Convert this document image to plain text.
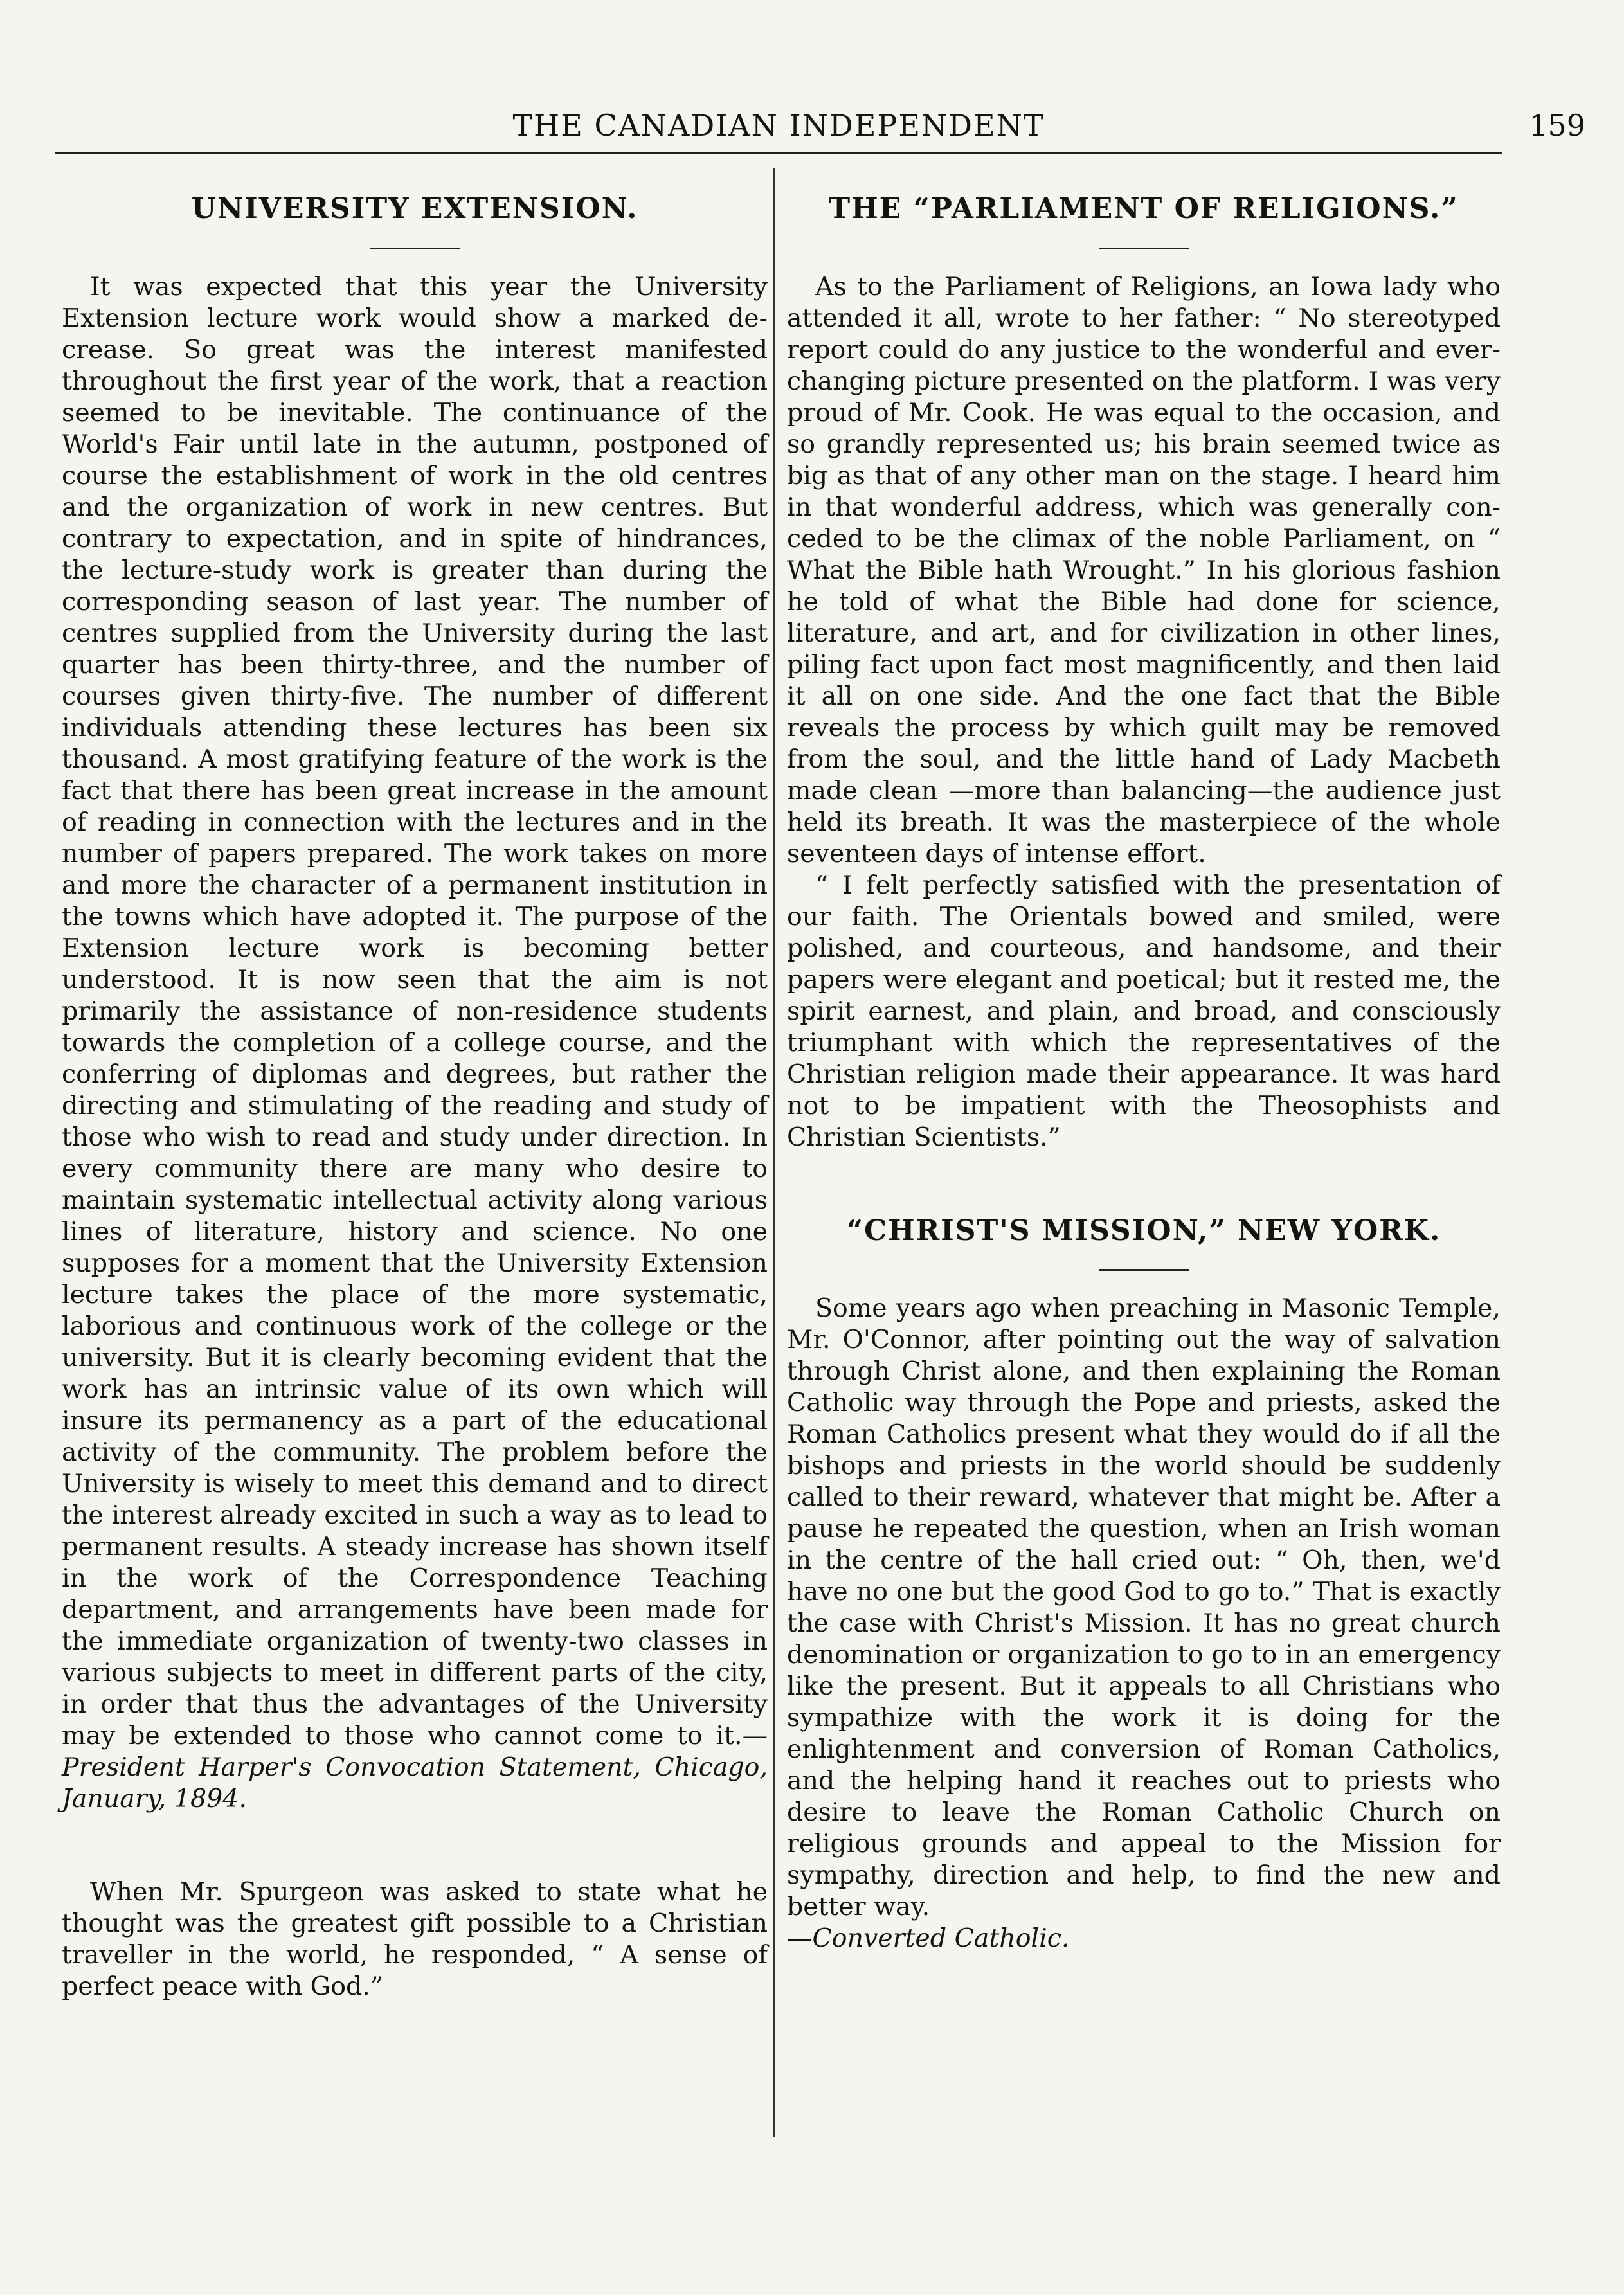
THE CANADIAN INDEPENDENT	159
UNIVERSITY EXTENSION.

It was expected that this year the University Extension lecture work would show a marked decrease. So great was the interest manifested throughout the first year of the work, that a reaction seemed to be inevitable. The continuance of the World's Fair until late in the autumn, postponed of course the establishment of work in the old centres and the organization of work in new centres. But contrary to expectation, and in spite of hindrances, the lecture-study work is greater than during the corresponding season of last year. The number of centres supplied from the University during the last quarter has been thirty-three, and the number of courses given thirty-five. The number of different individuals attending these lectures has been six thousand. A most gratifying feature of the work is the fact that there has been great increase in the amount of reading in connection with the lectures and in the number of papers prepared. The work takes on more and more the character of a permanent institution in the towns which have adopted it. The purpose of the Extension lecture work is becoming better understood. It is now seen that the aim is not primarily the assistance of non-residence students towards the completion of a college course, and the conferring of diplomas and degrees, but rather the directing and stimulating of the reading and study of those who wish to read and study under direction. In every community there are many who desire to maintain systematic intellectual activity along various lines of literature, history and science. No one supposes for a moment that the University Extension lecture takes the place of the more systematic, laborious and continuous work of the college or the university. But it is clearly becoming evident that the work has an intrinsic value of its own which will insure its permanency as a part of the educational activity of the community. The problem before the University is wisely to meet this demand and to direct the interest already excited in such a way as to lead to permanent results. A steady increase has shown itself in the work of the Correspondence Teaching department, and arrangements have been made for the immediate organization of twenty-two classes in various subjects to meet in different parts of the city, in order that thus the advantages of the University may be extended to those who cannot come to it.—President Harper's Convocation Statement, Chicago, January, 1894.

When Mr. Spurgeon was asked to state what he thought was the greatest gift possible to a Christian traveller in the world, he responded, “ A sense of perfect peace with God.”

THE “PARLIAMENT OF RELIGIONS.”

As to the Parliament of Religions, an Iowa lady who attended it all, wrote to her father: “ No stereotyped report could do any justice to the wonderful and ever-changing picture presented on the platform. I was very proud of Mr. Cook. He was equal to the occasion, and so grandly represented us; his brain seemed twice as big as that of any other man on the stage. I heard him in that wonderful address, which was generally conceded to be the climax of the noble Parliament, on “ What the Bible hath Wrought.” In his glorious fashion he told of what the Bible had done for science, literature, and art, and for civilization in other lines, piling fact upon fact most magnificently, and then laid it all on one side. And the one fact that the Bible reveals the process by which guilt may be removed from the soul, and the little hand of Lady Macbeth made clean —more than balancing—the audience just held its breath. It was the masterpiece of the whole seventeen days of intense effort.

“ I felt perfectly satisfied with the presentation of our faith. The Orientals bowed and smiled, were polished, and courteous, and handsome, and their papers were elegant and poetical; but it rested me, the spirit earnest, and plain, and broad, and consciously triumphant with which the representatives of the Christian religion made their appearance. It was hard not to be impatient with the Theosophists and Christian Scientists.”

“CHRIST'S MISSION,” NEW YORK.

Some years ago when preaching in Masonic Temple, Mr. O'Connor, after pointing out the way of salvation through Christ alone, and then explaining the Roman Catholic way through the Pope and priests, asked the Roman Catholics present what they would do if all the bishops and priests in the world should be suddenly called to their reward, whatever that might be. After a pause he repeated the question, when an Irish woman in the centre of the hall cried out: “ Oh, then, we'd have no one but the good God to go to.” That is exactly the case with Christ's Mission. It has no great church denomination or organization to go to in an emergency like the present. But it appeals to all Christians who sympathize with the work it is doing for the enlightenment and conversion of Roman Catholics, and the helping hand it reaches out to priests who desire to leave the Roman Catholic Church on religious grounds and appeal to the Mission for sympathy, direction and help, to find the new and better way.

—Converted Catholic.
